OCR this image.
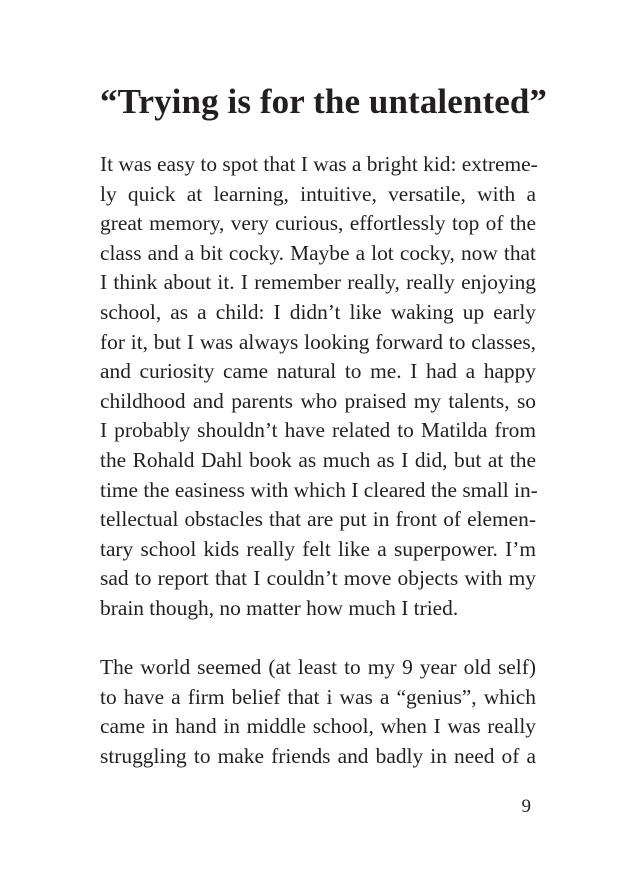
“Trying is for the untalented”

It was easy to spot that I was a bright kid: extreme-
ly quick at learning, intuitive, versatile, with a
great memory, very curious, effortlessly top of the
class and a bit cocky. Maybe a lot cocky, now that
I think about it. I remember really, really enjoying
school, as a child: I didn’t like waking up early
for it, but I was always looking forward to classes,
and curiosity came natural to me. I had a happy
childhood and parents who praised my talents, so
I probably shouldn’t have related to Matilda from
the Rohald Dahl book as much as I did, but at the
time the easiness with which I cleared the small in-
tellectual obstacles that are put in front of elemen-
tary school kids really felt like a superpower. I’m
sad to report that I couldn’t move objects with my
brain though, no matter how much I tried.

The world seemed (at least to my 9 year old self)
to have a firm belief that i was a “genius”, which
came in hand in middle school, when I was really
struggling to make friends and badly in need of a

9
